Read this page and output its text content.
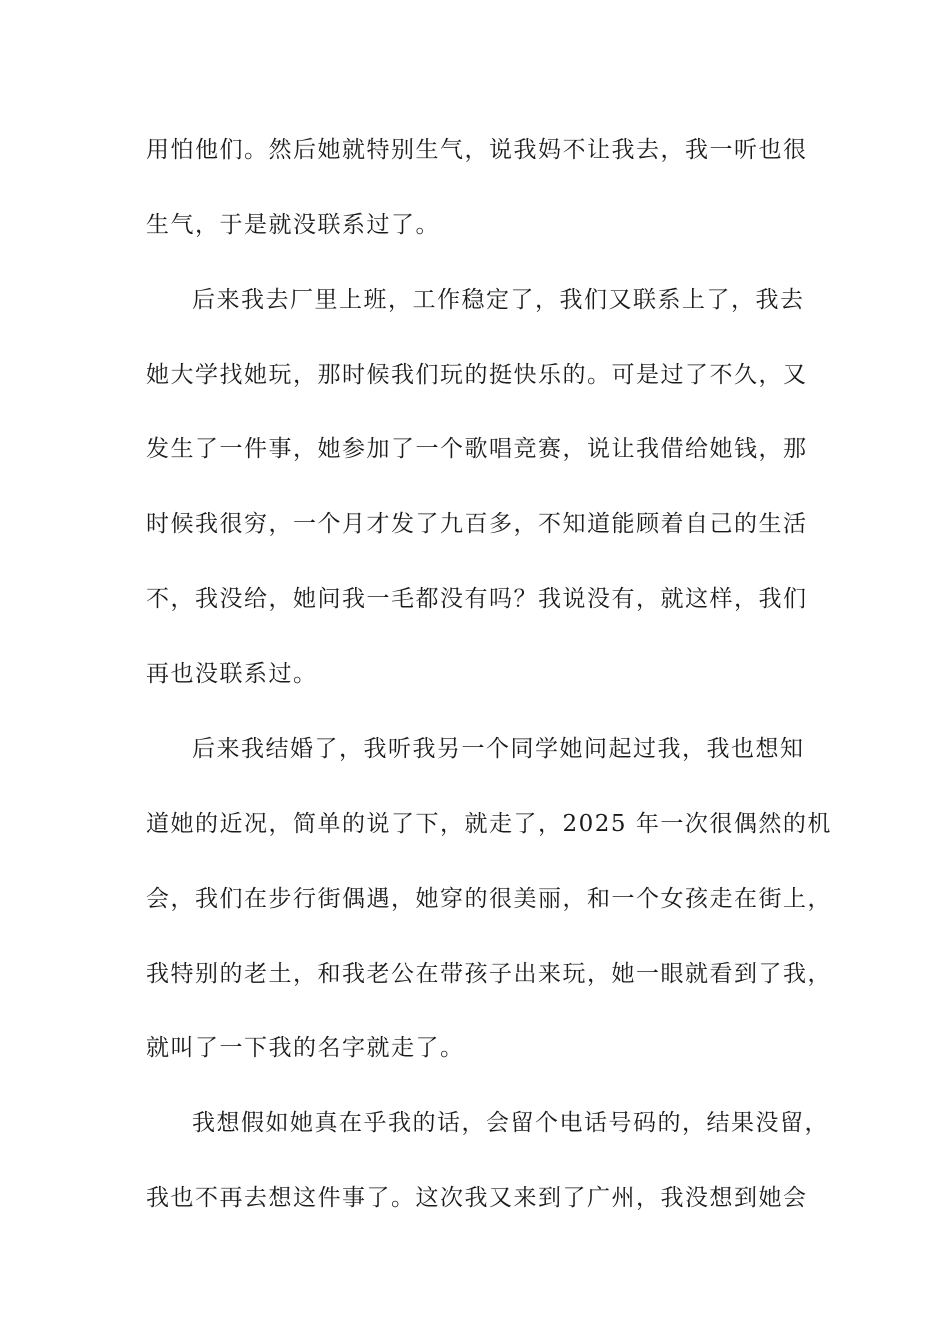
用怕他们。然后她就特别生气，说我妈不让我去，我一听也很
生气，于是就没联系过了。
后来我去厂里上班，工作稳定了，我们又联系上了，我去
她大学找她玩，那时候我们玩的挺快乐的。可是过了不久，又
发生了一件事，她参加了一个歌唱竞赛，说让我借给她钱，那
时候我很穷，一个月才发了九百多，不知道能顾着自己的生活
不，我没给，她问我一毛都没有吗？我说没有，就这样，我们
再也没联系过。
后来我结婚了，我听我另一个同学她问起过我，我也想知
道她的近况，简单的说了下，就走了，2025 年一次很偶然的机
会，我们在步行街偶遇，她穿的很美丽，和一个女孩走在街上，
我特别的老土，和我老公在带孩子出来玩，她一眼就看到了我，
就叫了一下我的名字就走了。
我想假如她真在乎我的话，会留个电话号码的，结果没留，
我也不再去想这件事了。这次我又来到了广州，我没想到她会
